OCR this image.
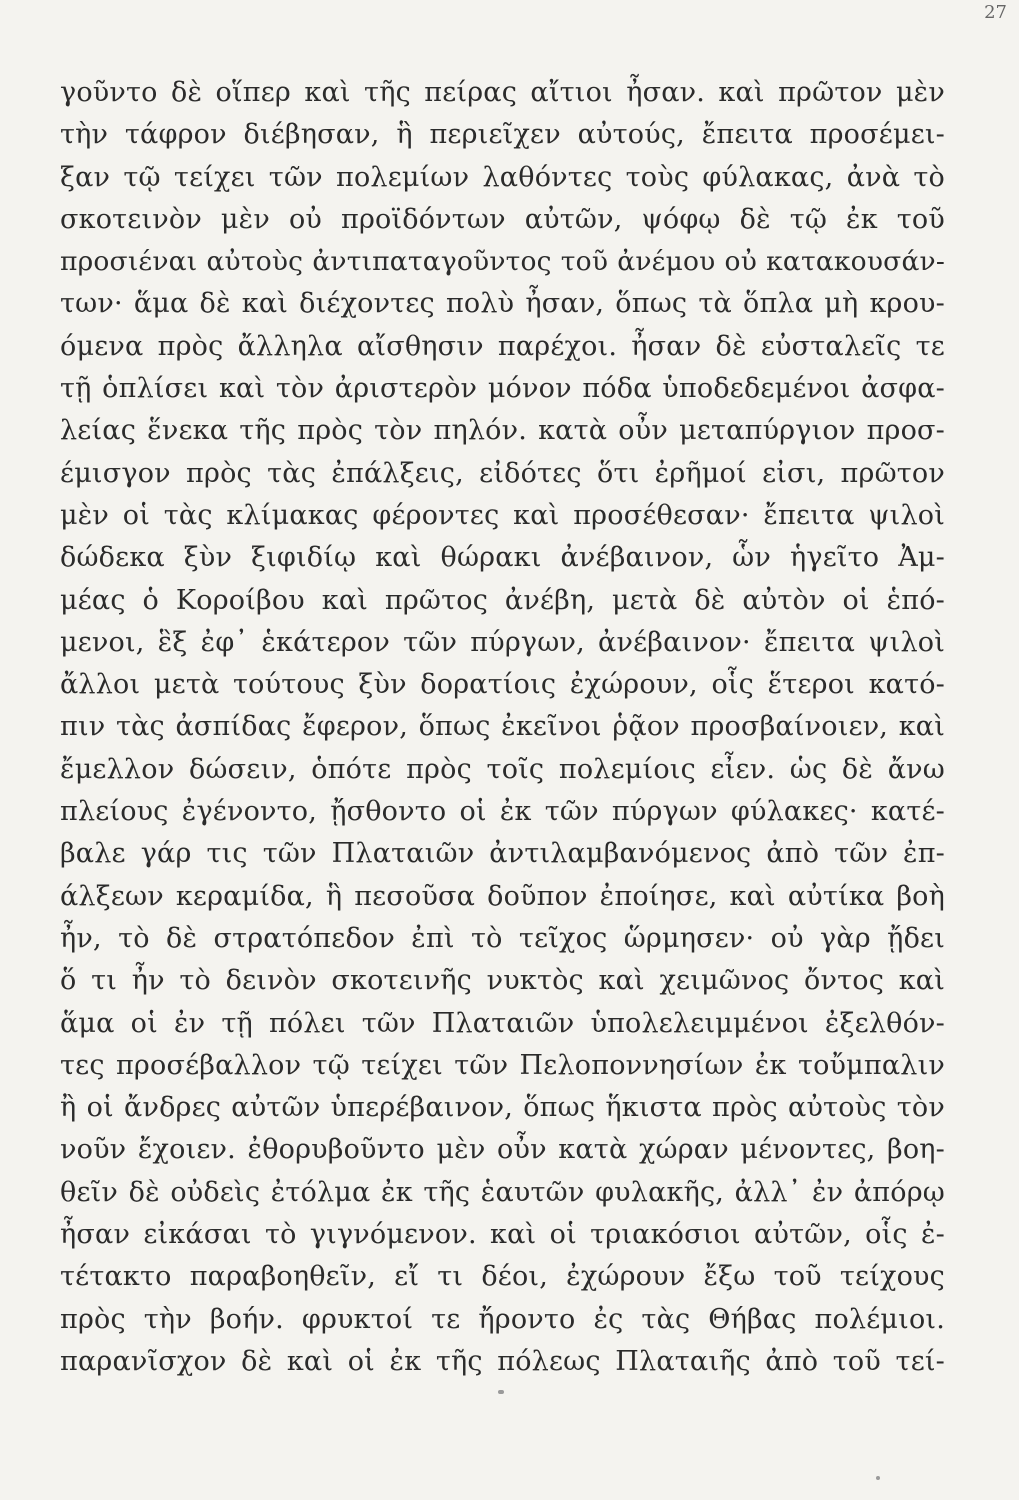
27
γοῦντο δὲ οἵπερ καὶ τῆς πείρας αἴτιοι ἦσαν. καὶ πρῶτον μὲν
τὴν τάφρον διέβησαν, ἣ περιεῖχεν αὐτούς, ἔπειτα προσέμει-
ξαν τῷ τείχει τῶν πολεμίων λαθόντες τοὺς φύλακας, ἀνὰ τὸ
σκοτεινὸν μὲν οὐ προϊδόντων αὐτῶν, ψόφῳ δὲ τῷ ἐκ τοῦ
προσιέναι αὐτοὺς ἀντιπαταγοῦντος τοῦ ἀνέμου οὐ κατακουσάν-
των· ἅμα δὲ καὶ διέχοντες πολὺ ἦσαν, ὅπως τὰ ὅπλα μὴ κρου-
όμενα πρὸς ἄλληλα αἴσθησιν παρέχοι. ἦσαν δὲ εὐσταλεῖς τε
τῇ ὁπλίσει καὶ τὸν ἀριστερὸν μόνον πόδα ὑποδεδεμένοι ἀσφα-
λείας ἕνεκα τῆς πρὸς τὸν πηλόν. κατὰ οὖν μεταπύργιον προσ-
έμισγον πρὸς τὰς ἐπάλξεις, εἰδότες ὅτι ἐρῆμοί εἰσι, πρῶτον
μὲν οἱ τὰς κλίμακας φέροντες καὶ προσέθεσαν· ἔπειτα ψιλοὶ
δώδεκα ξὺν ξιφιδίῳ καὶ θώρακι ἀνέβαινον, ὧν ἡγεῖτο Ἀμ-
μέας ὁ Κοροίβου καὶ πρῶτος ἀνέβη, μετὰ δὲ αὐτὸν οἱ ἑπό-
μενοι, ἓξ ἐφ᾽ ἑκάτερον τῶν πύργων, ἀνέβαινον· ἔπειτα ψιλοὶ
ἄλλοι μετὰ τούτους ξὺν δορατίοις ἐχώρουν, οἷς ἕτεροι κατό-
πιν τὰς ἀσπίδας ἔφερον, ὅπως ἐκεῖνοι ῥᾷον προσβαίνοιεν, καὶ
ἔμελλον δώσειν, ὁπότε πρὸς τοῖς πολεμίοις εἶεν. ὡς δὲ ἄνω
πλείους ἐγένοντο, ᾔσθοντο οἱ ἐκ τῶν πύργων φύλακες· κατέ-
βαλε γάρ τις τῶν Πλαταιῶν ἀντιλαμβανόμενος ἀπὸ τῶν ἐπ-
άλξεων κεραμίδα, ἣ πεσοῦσα δοῦπον ἐποίησε, καὶ αὐτίκα βοὴ
ἦν, τὸ δὲ στρατόπεδον ἐπὶ τὸ τεῖχος ὥρμησεν· οὐ γὰρ ᾔδει
ὅ τι ἦν τὸ δεινὸν σκοτεινῆς νυκτὸς καὶ χειμῶνος ὄντος καὶ
ἅμα οἱ ἐν τῇ πόλει τῶν Πλαταιῶν ὑπολελειμμένοι ἐξελθόν-
τες προσέβαλλον τῷ τείχει τῶν Πελοποννησίων ἐκ τοὔμπαλιν
ἢ οἱ ἄνδρες αὐτῶν ὑπερέβαινον, ὅπως ἥκιστα πρὸς αὐτοὺς τὸν
νοῦν ἔχοιεν. ἐθορυβοῦντο μὲν οὖν κατὰ χώραν μένοντες, βοη-
θεῖν δὲ οὐδεὶς ἐτόλμα ἐκ τῆς ἑαυτῶν φυλακῆς, ἀλλ᾽ ἐν ἀπόρῳ
ἦσαν εἰκάσαι τὸ γιγνόμενον. καὶ οἱ τριακόσιοι αὐτῶν, οἷς ἐ-
τέτακτο παραβοηθεῖν, εἴ τι δέοι, ἐχώρουν ἔξω τοῦ τείχους
πρὸς τὴν βοήν. φρυκτοί τε ἤροντο ἐς τὰς Θήβας πολέμιοι.
παρανῖσχον δὲ καὶ οἱ ἐκ τῆς πόλεως Πλαταιῆς ἀπὸ τοῦ τεί-
